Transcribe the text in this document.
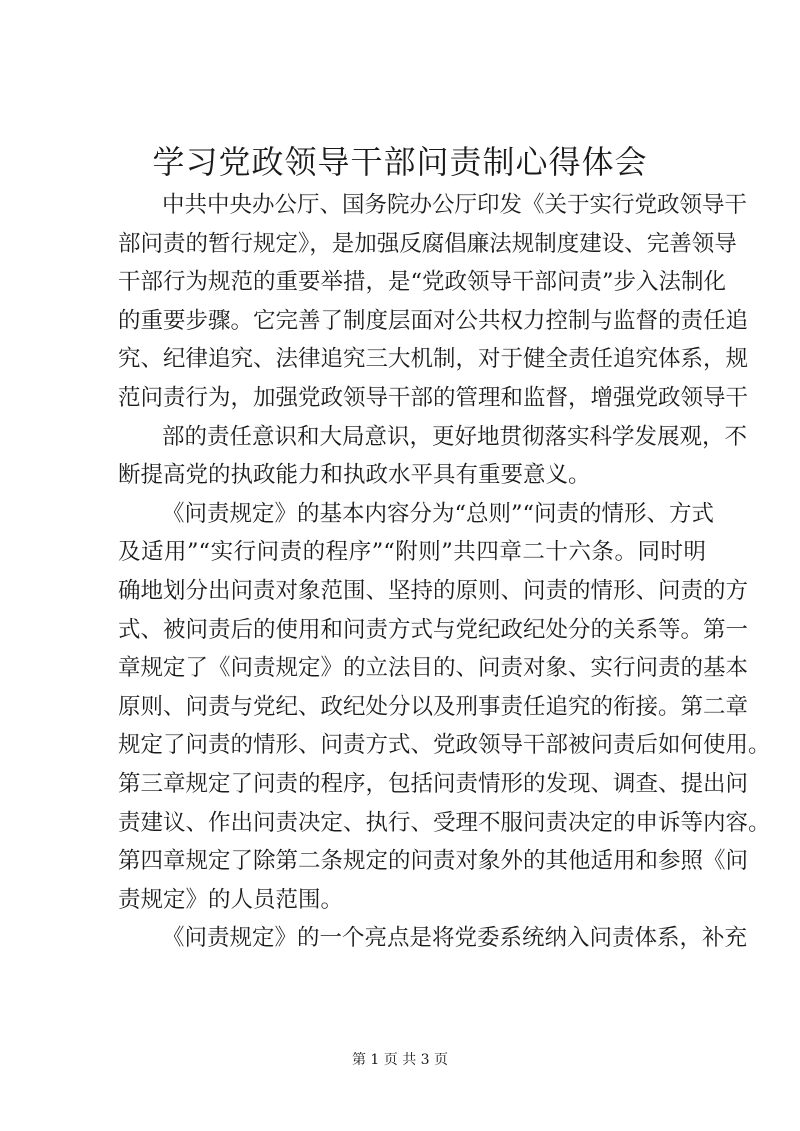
学习党政领导干部问责制心得体会
中共中央办公厅、国务院办公厅印发《关于实行党政领导干
部问责的暂行规定》，是加强反腐倡廉法规制度建设、完善领导
干部行为规范的重要举措，是“党政领导干部问责”步入法制化
的重要步骤。它完善了制度层面对公共权力控制与监督的责任追
究、纪律追究、法律追究三大机制，对于健全责任追究体系，规
范问责行为，加强党政领导干部的管理和监督，增强党政领导干
部的责任意识和大局意识，更好地贯彻落实科学发展观，不
断提高党的执政能力和执政水平具有重要意义。
《问责规定》的基本内容分为“总则”“问责的情形、方式
及适用”“实行问责的程序”“附则”共四章二十六条。同时明
确地划分出问责对象范围、坚持的原则、问责的情形、问责的方
式、被问责后的使用和问责方式与党纪政纪处分的关系等。第一
章规定了《问责规定》的立法目的、问责对象、实行问责的基本
原则、问责与党纪、政纪处分以及刑事责任追究的衔接。第二章
规定了问责的情形、问责方式、党政领导干部被问责后如何使用。
第三章规定了问责的程序，包括问责情形的发现、调查、提出问
责建议、作出问责决定、执行、受理不服问责决定的申诉等内容。
第四章规定了除第二条规定的问责对象外的其他适用和参照《问
责规定》的人员范围。
《问责规定》的一个亮点是将党委系统纳入问责体系，补充
第 1 页 共 3 页
